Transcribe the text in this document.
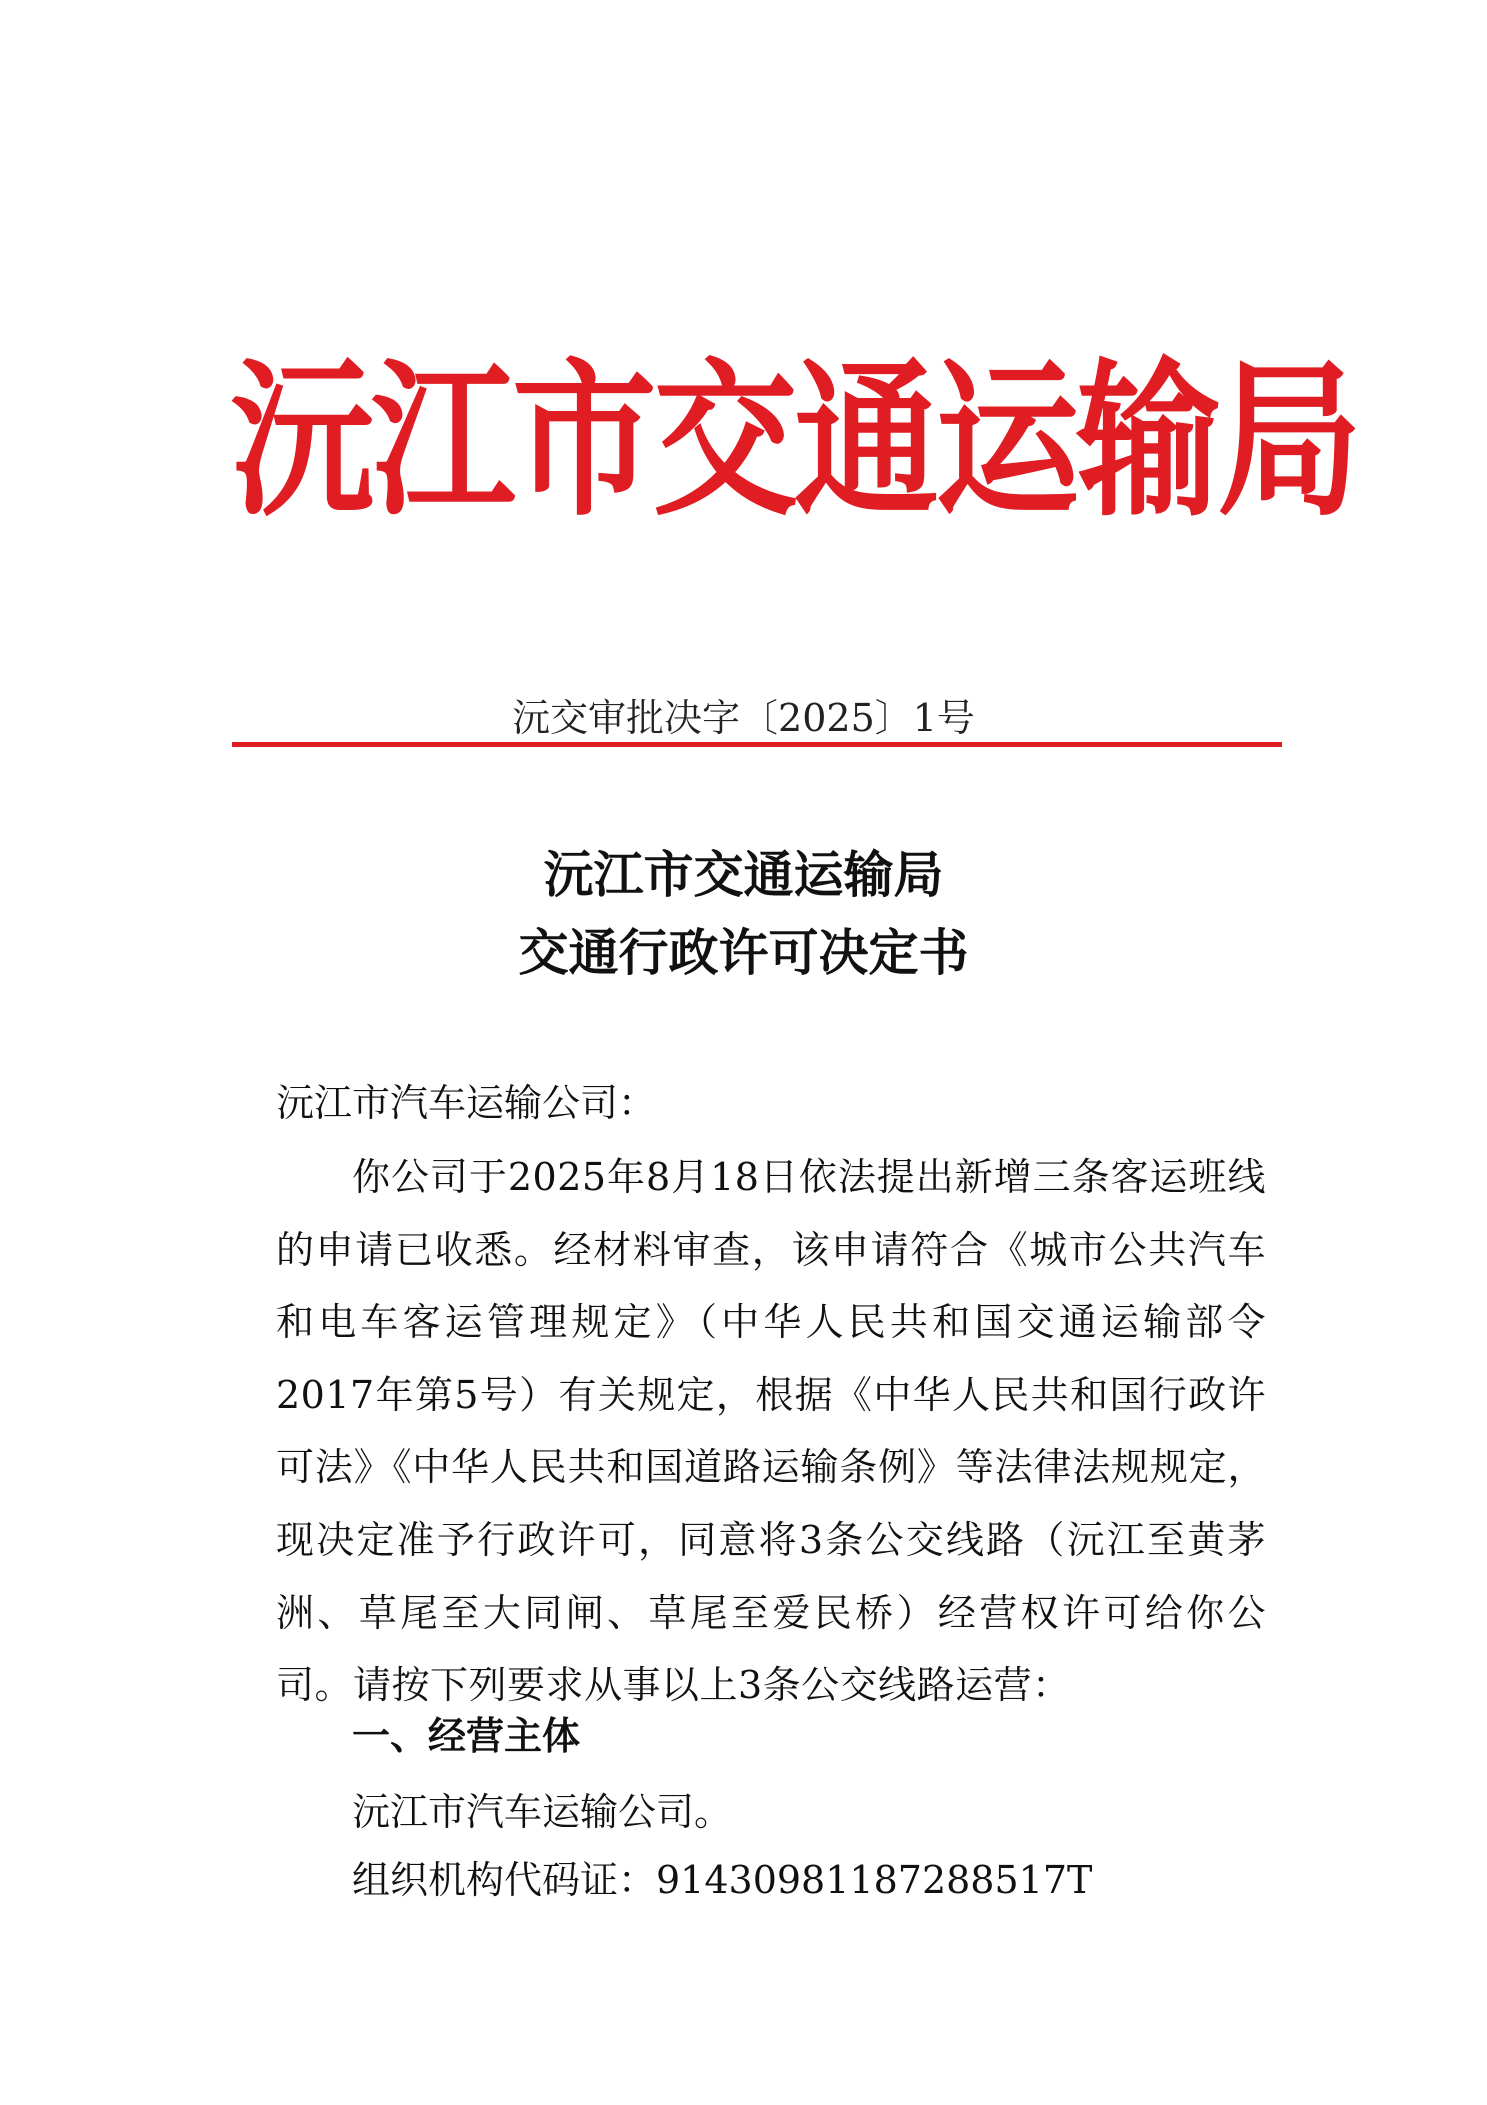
沅江市交通运输局
沅交审批决字〔2025〕1号
沅江市交通运输局
交通行政许可决定书
沅江市汽车运输公司：
你公司于2025年8月18日依法提出新增三条客运班线的申请已收悉。经材料审查，该申请符合《城市公共汽车和电车客运管理规定》（中华人民共和国交通运输部令2017年第5号）有关规定，根据《中华人民共和国行政许可法》《中华人民共和国道路运输条例》等法律法规规定，现决定准予行政许可，同意将3条公交线路（沅江至黄茅洲、草尾至大同闸、草尾至爱民桥）经营权许可给你公司。请按下列要求从事以上3条公交线路运营：
一、经营主体
沅江市汽车运输公司。
组织机构代码证：91430981187288517T
